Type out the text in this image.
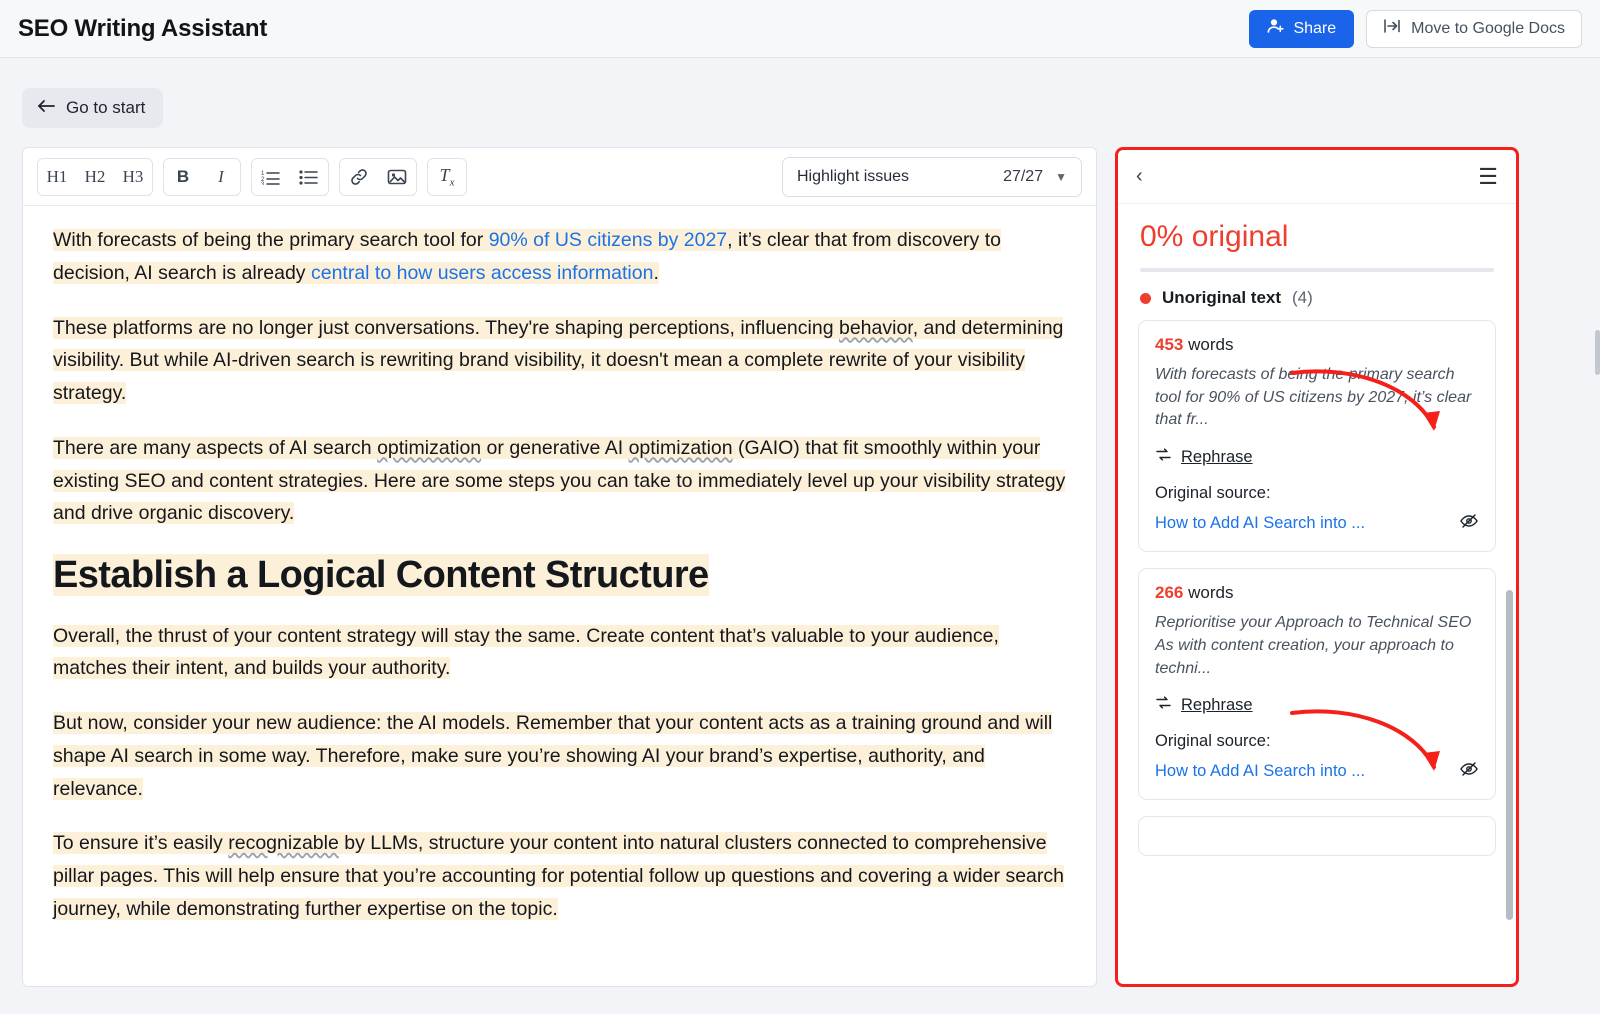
SEO Writing Assistant	Share	Move to Google Docs
Go to start
H1 H2 H3 B I	1
2
3	$T_x$	Highlight issues	27/27 ▼

With forecasts of being the primary search tool for 90% of US citizens by 2027, it’s clear that from discovery to decision, AI search is already central to how users access information.

These platforms are no longer just conversations. They're shaping perceptions, influencing behavior, and determining visibility. But while AI-driven search is rewriting brand visibility, it doesn't mean a complete rewrite of your visibility strategy.

There are many aspects of AI search optimization or generative AI optimization (GAIO) that fit smoothly within your existing SEO and content strategies. Here are some steps you can take to immediately level up your visibility strategy and drive organic discovery.

Establish a Logical Content Structure

Overall, the thrust of your content strategy will stay the same. Create content that’s valuable to your audience, matches their intent, and builds your authority.

But now, consider your new audience: the AI models. Remember that your content acts as a training ground and will shape AI search in some way. Therefore, make sure you’re showing AI your brand’s expertise, authority, and relevance.

To ensure it’s easily recognizable by LLMs, structure your content into natural clusters connected to comprehensive pillar pages. This will help ensure that you’re accounting for potential follow up questions and covering a wider search journey, while demonstrating further expertise on the topic.

‹	☰
0% original
Unoriginal text (4)
453 words
With forecasts of being the primary search tool for 90% of US citizens by 2027, it’s clear that fr...
Rephrase
Original source:
How to Add AI Search into ...
266 words
Reprioritise your Approach to Technical SEO As with content creation, your approach to techni...
Rephrase
Original source:
How to Add AI Search into ...
